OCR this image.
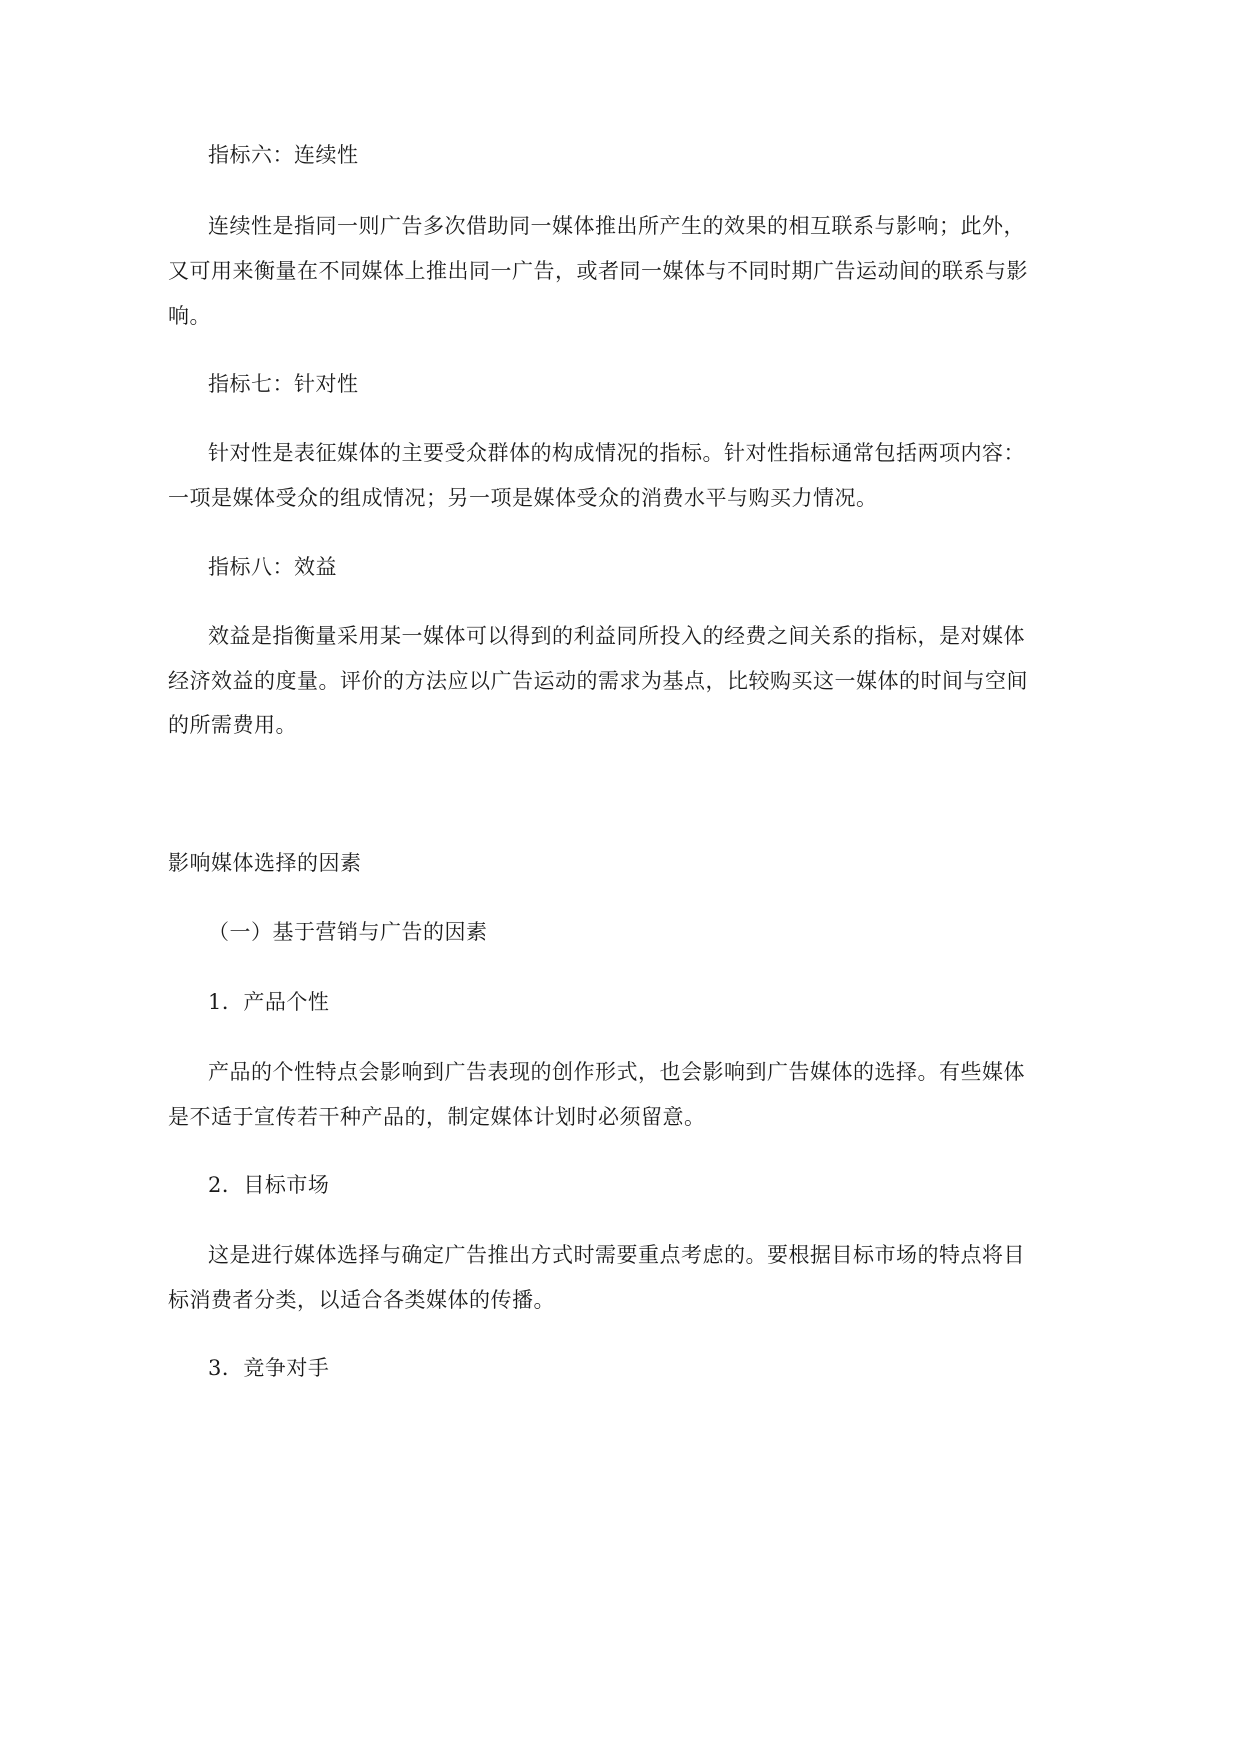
指标六：连续性
连续性是指同一则广告多次借助同一媒体推出所产生的效果的相互联系与影响；此外，
又可用来衡量在不同媒体上推出同一广告，或者同一媒体与不同时期广告运动间的联系与影
响。
指标七：针对性
针对性是表征媒体的主要受众群体的构成情况的指标。针对性指标通常包括两项内容：
一项是媒体受众的组成情况；另一项是媒体受众的消费水平与购买力情况。
指标八：效益
效益是指衡量采用某一媒体可以得到的利益同所投入的经费之间关系的指标，是对媒体
经济效益的度量。评价的方法应以广告运动的需求为基点，比较购买这一媒体的时间与空间
的所需费用。
影响媒体选择的因素
（一）基于营销与广告的因素
1．产品个性
产品的个性特点会影响到广告表现的创作形式，也会影响到广告媒体的选择。有些媒体
是不适于宣传若干种产品的，制定媒体计划时必须留意。
2．目标市场
这是进行媒体选择与确定广告推出方式时需要重点考虑的。要根据目标市场的特点将目
标消费者分类，以适合各类媒体的传播。
3．竞争对手
